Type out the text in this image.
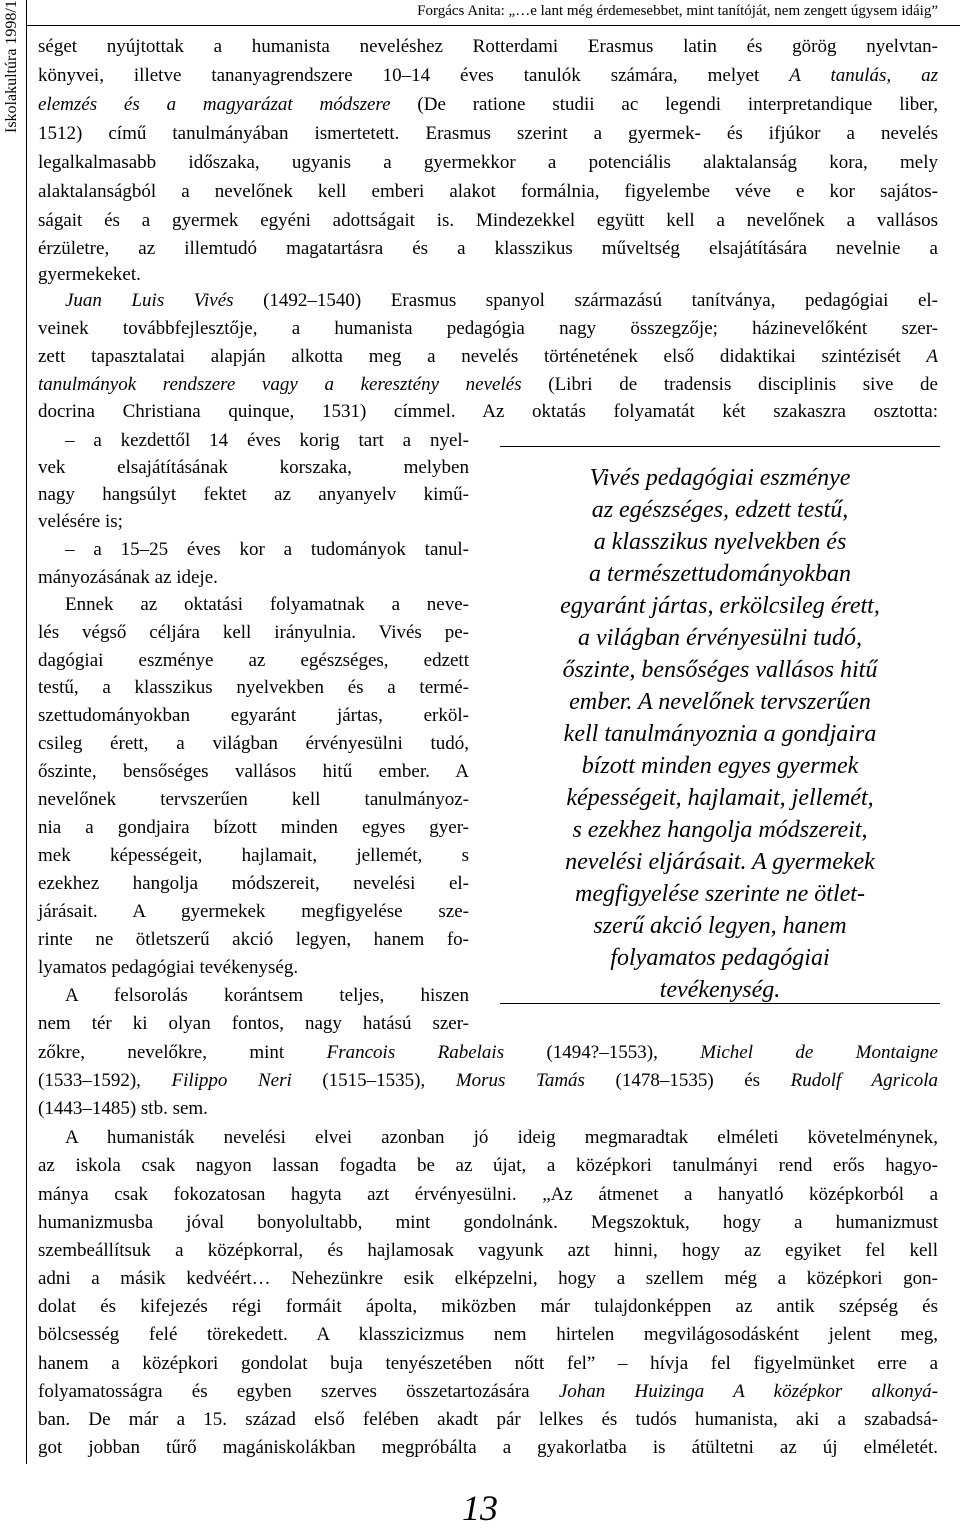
Iskolakultúra 1998/1	Forgács Anita: „…e lant még érdemesebbet, mint tanítóját, nem zengett úgysem idáig”
séget nyújtottak a humanista neveléshez Rotterdami Erasmus latin és görög nyelvtan-
könyvei, illetve tananyagrendszere 10–14 éves tanulók számára, melyet A tanulás, az
elemzés és a magyarázat módszere (De ratione studii ac legendi interpretandique liber,
1512) című tanulmányában ismertetett. Erasmus szerint a gyermek- és ifjúkor a nevelés
legalkalmasabb időszaka, ugyanis a gyermekkor a potenciális alaktalanság kora, mely
alaktalanságból a nevelőnek kell emberi alakot formálnia, figyelembe véve e kor sajátos-
ságait és a gyermek egyéni adottságait is. Mindezekkel együtt kell a nevelőnek a vallásos
érzületre, az illemtudó magatartásra és a klasszikus műveltség elsajátítására nevelnie a
gyermekeket.
Juan Luis Vivés (1492–1540) Erasmus spanyol származású tanítványa, pedagógiai el-
veinek továbbfejlesztője, a humanista pedagógia nagy összegzője; házinevelőként szer-
zett tapasztalatai alapján alkotta meg a nevelés történetének első didaktikai szintézisét A
tanulmányok rendszere vagy a keresztény nevelés (Libri de tradensis disciplinis sive de
docrina Christiana quinque, 1531) címmel. Az oktatás folyamatát két szakaszra osztotta:
– a kezdettől 14 éves korig tart a nyel-
vek elsajátításának korszaka, melyben
nagy hangsúlyt fektet az anyanyelv kimű-
velésére is;
– a 15–25 éves kor a tudományok tanul-
mányozásának az ideje.
Ennek az oktatási folyamatnak a neve-
lés végső céljára kell irányulnia. Vivés pe-
dagógiai eszménye az egészséges, edzett
testű, a klasszikus nyelvekben és a termé-
szettudományokban egyaránt jártas, erköl-
csileg érett, a világban érvényesülni tudó,
őszinte, bensőséges vallásos hitű ember. A
nevelőnek tervszerűen kell tanulmányoz-
nia a gondjaira bízott minden egyes gyer-
mek képességeit, hajlamait, jellemét, s
ezekhez hangolja módszereit, nevelési el-
járásait. A gyermekek megfigyelése sze-
rinte ne ötletszerű akció legyen, hanem fo-
lyamatos pedagógiai tevékenység.
A felsorolás korántsem teljes, hiszen
nem tér ki olyan fontos, nagy hatású szer-
Vivés pedagógiai eszménye
az egészséges, edzett testű,
a klasszikus nyelvekben és
a természettudományokban
egyaránt jártas, erkölcsileg érett,
a világban érvényesülni tudó,
őszinte, bensőséges vallásos hitű
ember. A nevelőnek tervszerűen
kell tanulmányoznia a gondjaira
bízott minden egyes gyermek
képességeit, hajlamait, jellemét,
s ezekhez hangolja módszereit,
nevelési eljárásait. A gyermekek
megfigyelése szerinte ne ötlet-
szerű akció legyen, hanem
folyamatos pedagógiai
tevékenység.
zőkre, nevelőkre, mint Francois Rabelais (1494?–1553), Michel de Montaigne
(1533–1592), Filippo Neri (1515–1535), Morus Tamás (1478–1535) és Rudolf Agricola
(1443–1485) stb. sem.
A humanisták nevelési elvei azonban jó ideig megmaradtak elméleti követelménynek,
az iskola csak nagyon lassan fogadta be az újat, a középkori tanulmányi rend erős hagyo-
mánya csak fokozatosan hagyta azt érvényesülni. „Az átmenet a hanyatló középkorból a
humanizmusba jóval bonyolultabb, mint gondolnánk. Megszoktuk, hogy a humanizmust
szembeállítsuk a középkorral, és hajlamosak vagyunk azt hinni, hogy az egyiket fel kell
adni a másik kedvéért… Nehezünkre esik elképzelni, hogy a szellem még a középkori gon-
dolat és kifejezés régi formáit ápolta, miközben már tulajdonképpen az antik szépség és
bölcsesség felé törekedett. A klasszicizmus nem hirtelen megvilágosodásként jelent meg,
hanem a középkori gondolat buja tenyészetében nőtt fel” – hívja fel figyelmünket erre a
folyamatosságra és egyben szerves összetartozására Johan Huizinga A középkor alkonyá-
ban. De már a 15. század első felében akadt pár lelkes és tudós humanista, aki a szabadsá-
got jobban tűrő magániskolákban megpróbálta a gyakorlatba is átültetni az új elméletét.
13
